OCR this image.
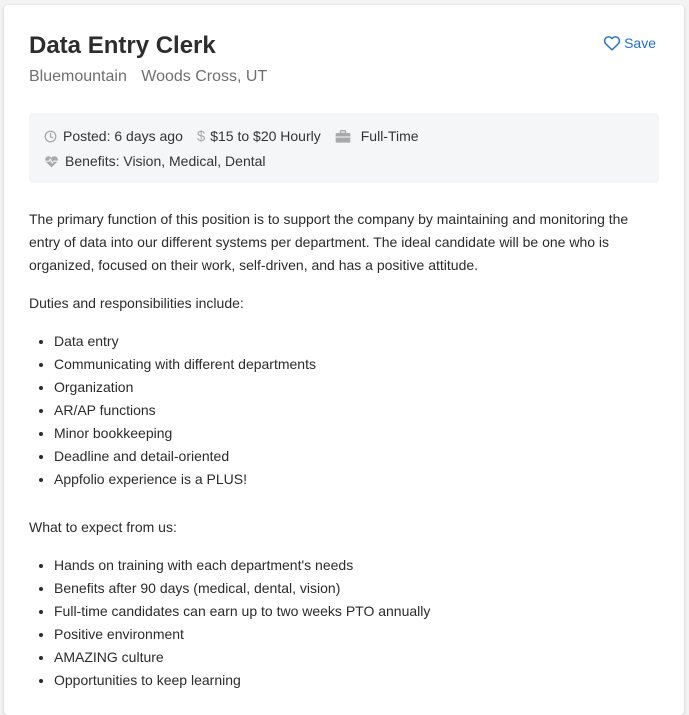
Data Entry Clerk
Bluemountain Woods Cross, UT
Save
Posted: 6 days ago $ $15 to $20 Hourly	Full-Time
Benefits: Vision, Medical, Dental

The primary function of this position is to support the company by maintaining and monitoring the entry of data into our different systems per department. The ideal candidate will be one who is organized, focused on their work, self-driven, and has a positive attitude.

Duties and responsibilities include:

• Data entry
• Communicating with different departments
• Organization
• AR/AP functions
• Minor bookkeeping
• Deadline and detail-oriented
• Appfolio experience is a PLUS!

What to expect from us:

• Hands on training with each department's needs
• Benefits after 90 days (medical, dental, vision)
• Full-time candidates can earn up to two weeks PTO annually
• Positive environment
• AMAZING culture
• Opportunities to keep learning
